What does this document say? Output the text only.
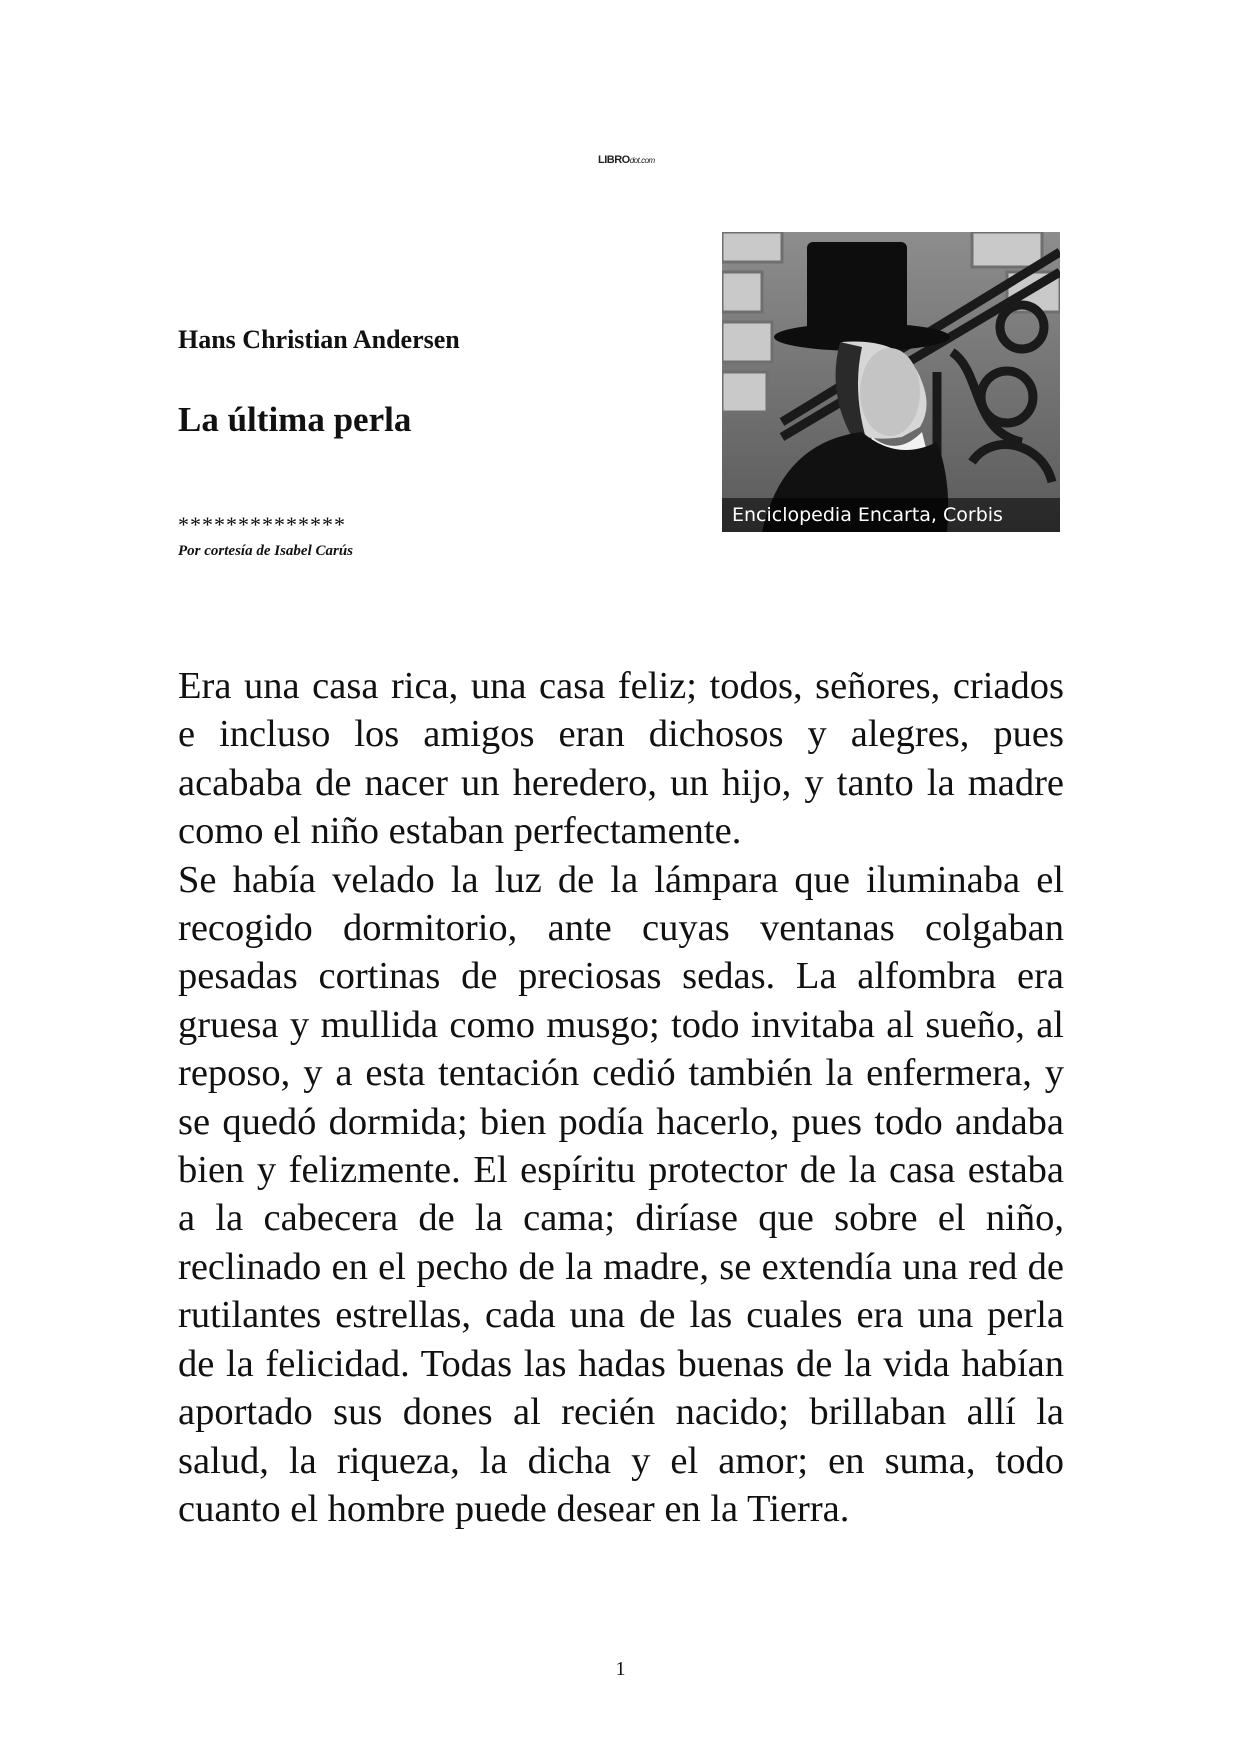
LIBROdot.com
Hans Christian Andersen
La última perla
**************
Por cortesía de Isabel Carús
Enciclopedia Encarta, Corbis

Era una casa rica, una casa feliz; todos, señores, criados e incluso los amigos eran dichosos y alegres, pues acababa de nacer un heredero, un hijo, y tanto la madre como el niño estaban perfectamente.

Se había velado la luz de la lámpara que iluminaba el recogido dormitorio, ante cuyas ventanas colgaban pesadas cortinas de preciosas sedas. La alfombra era gruesa y mullida como musgo; todo invitaba al sueño, al reposo, y a esta tentación cedió también la enfermera, y se quedó dormida; bien podía hacerlo, pues todo andaba bien y felizmente. El espíritu protector de la casa estaba a la cabecera de la cama; diríase que sobre el niño, reclinado en el pecho de la madre, se extendía una red de rutilantes estrellas, cada una de las cuales era una perla de la felicidad. Todas las hadas buenas de la vida habían aportado sus dones al recién nacido; brillaban allí la salud, la riqueza, la dicha y el amor; en suma, todo cuanto el hombre puede desear en la Tierra.

1
